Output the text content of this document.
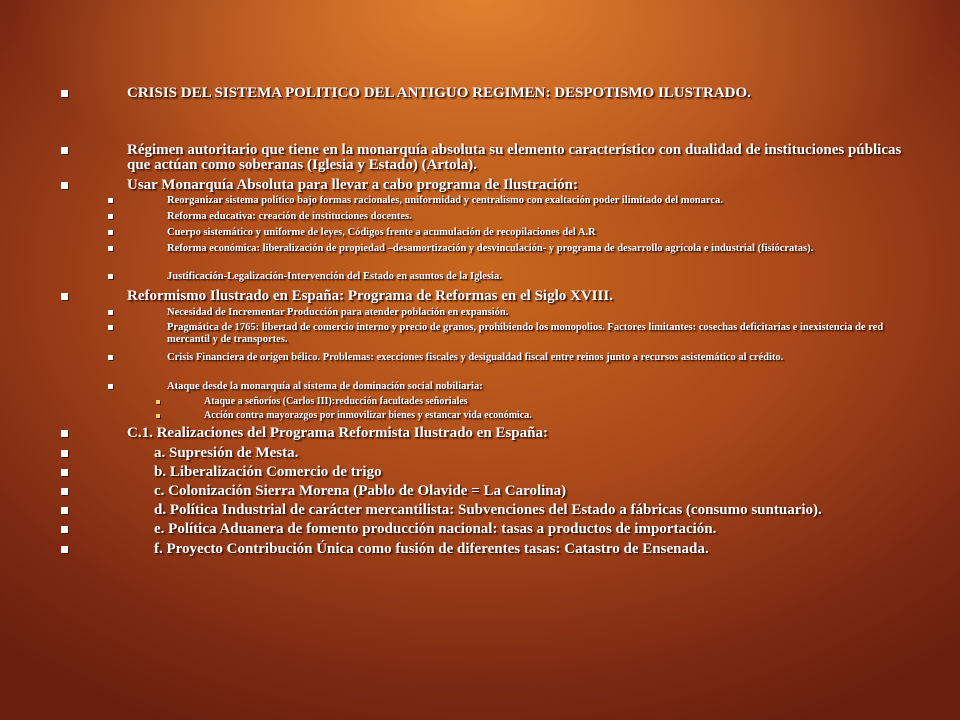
CRISIS DEL SISTEMA POLITICO DEL ANTIGUO REGIMEN: DESPOTISMO ILUSTRADO.
Régimen autoritario que tiene en la monarquía absoluta su elemento característico con dualidad de instituciones públicas que actúan como soberanas (Iglesia y Estado) (Artola).
Usar Monarquía Absoluta para llevar a cabo programa de Ilustración:
Reorganizar sistema político bajo formas racionales, uniformidad y centralismo con exaltación poder ilimitado del monarca.
Reforma educativa: creación de instituciones docentes.
Cuerpo sistemático y uniforme de leyes, Códigos frente a acumulación de recopilaciones del A.R
Reforma económica: liberalización de propiedad –desamortización y desvinculación- y programa de desarrollo agrícola e industrial (fisiócratas).
Justificación-Legalización-Intervención del Estado en asuntos de la Iglesia.
Reformismo Ilustrado en España: Programa de Reformas en el Siglo XVIII.
Necesidad de Incrementar Producción para atender población en expansión.
Pragmática de 1765: libertad de comercio interno y precio de granos, prohibiendo los monopolios. Factores limitantes: cosechas deficitarias e inexistencia de red mercantil y de transportes.
Crisis Financiera de origen bélico. Problemas: execciones fiscales y desigualdad fiscal entre reinos junto a recursos asistemático al crédito.
Ataque desde la monarquía al sistema de dominación social nobiliaria:
Ataque a señoríos (Carlos III):reducción facultades señoriales
Acción contra mayorazgos por inmovilizar bienes y estancar vida económica.
C.1. Realizaciones del Programa Reformista Ilustrado en España:
a. Supresión de Mesta.
b. Liberalización Comercio de trigo
c. Colonización Sierra Morena (Pablo de Olavide = La Carolina)
d. Política Industrial de carácter mercantilista: Subvenciones del Estado a fábricas (consumo suntuario).
e. Política Aduanera de fomento producción nacional: tasas a productos de importación.
f. Proyecto Contribución Única como fusión de diferentes tasas: Catastro de Ensenada.
